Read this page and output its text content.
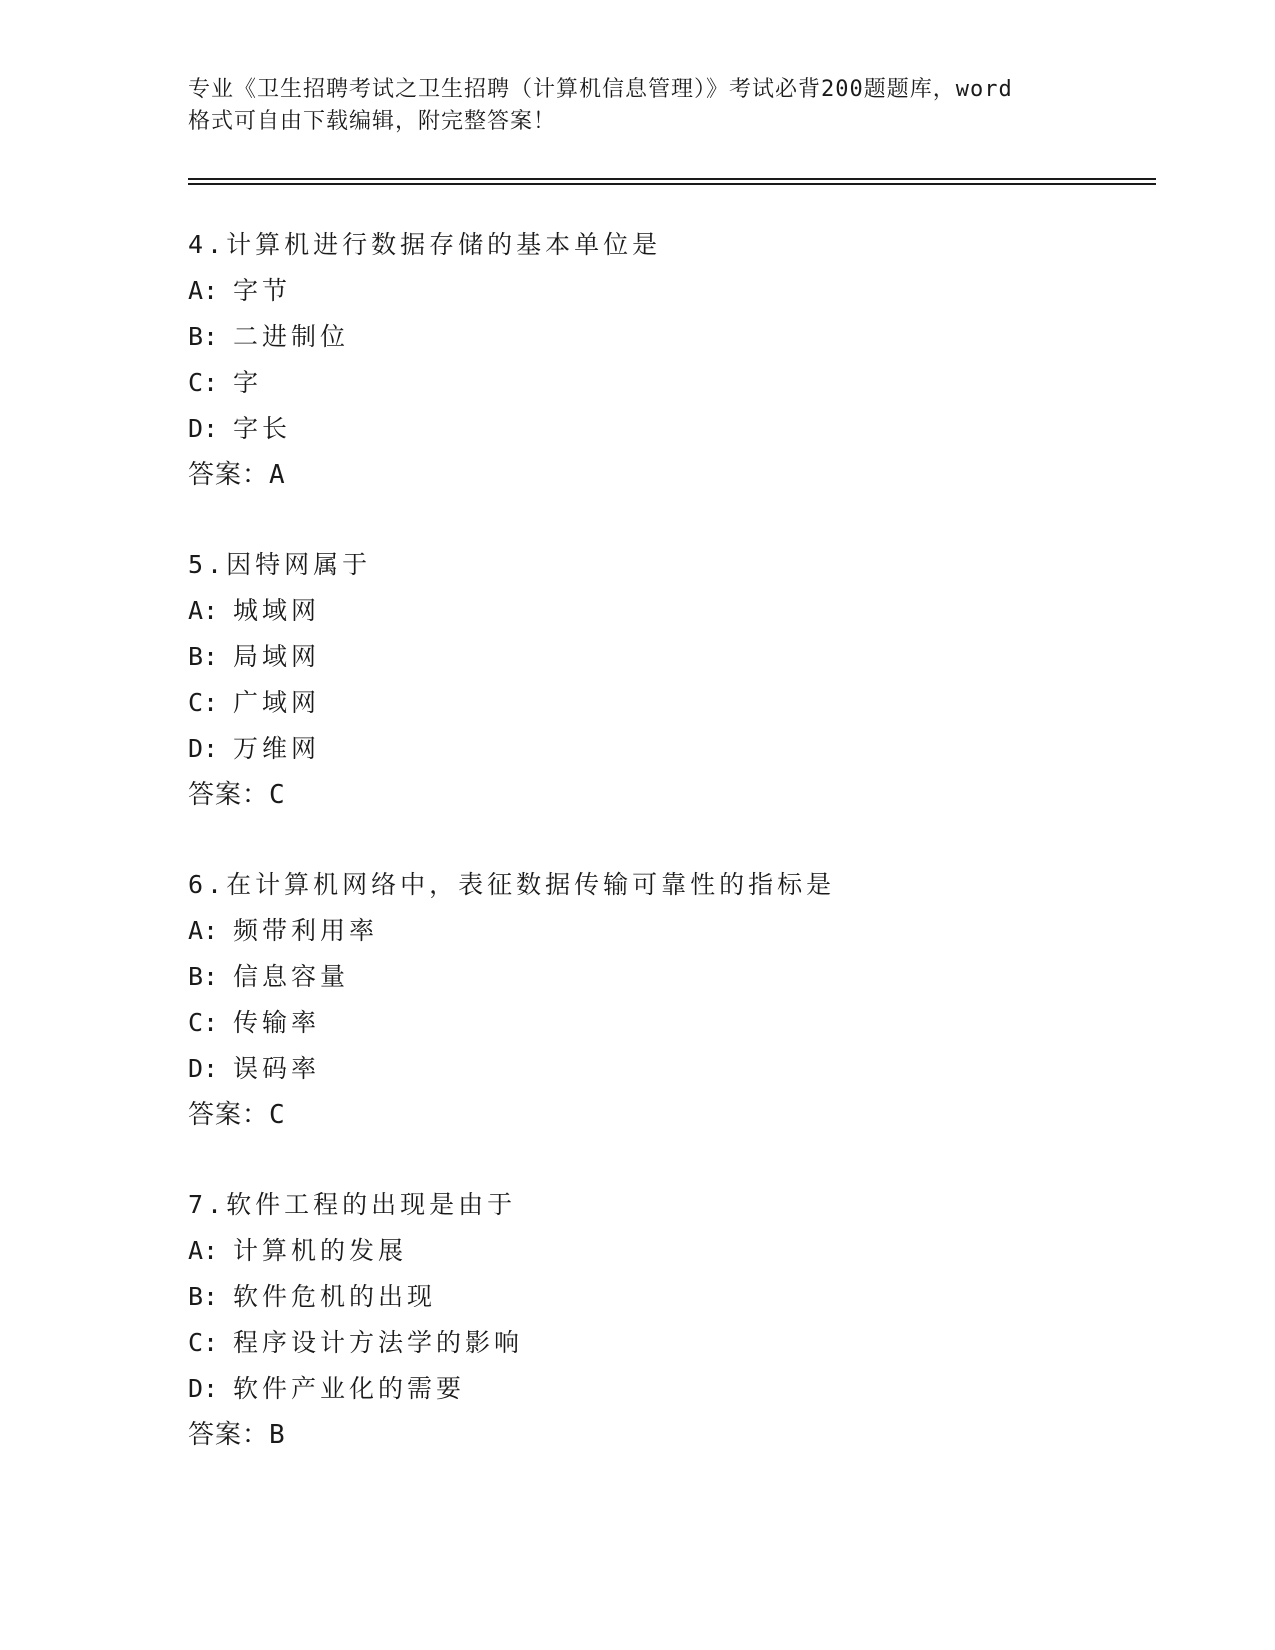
专业《卫生招聘考试之卫生招聘（计算机信息管理）》考试必背200题题库，word
格式可自由下载编辑，附完整答案！
4.计算机进行数据存储的基本单位是
A: 字节
B: 二进制位
C: 字
D: 字长
答案：A
5.因特网属于
A: 城域网
B: 局域网
C: 广域网
D: 万维网
答案：C
6.在计算机网络中，表征数据传输可靠性的指标是
A: 频带利用率
B: 信息容量
C: 传输率
D: 误码率
答案：C
7.软件工程的出现是由于
A: 计算机的发展
B: 软件危机的出现
C: 程序设计方法学的影响
D: 软件产业化的需要
答案：B
